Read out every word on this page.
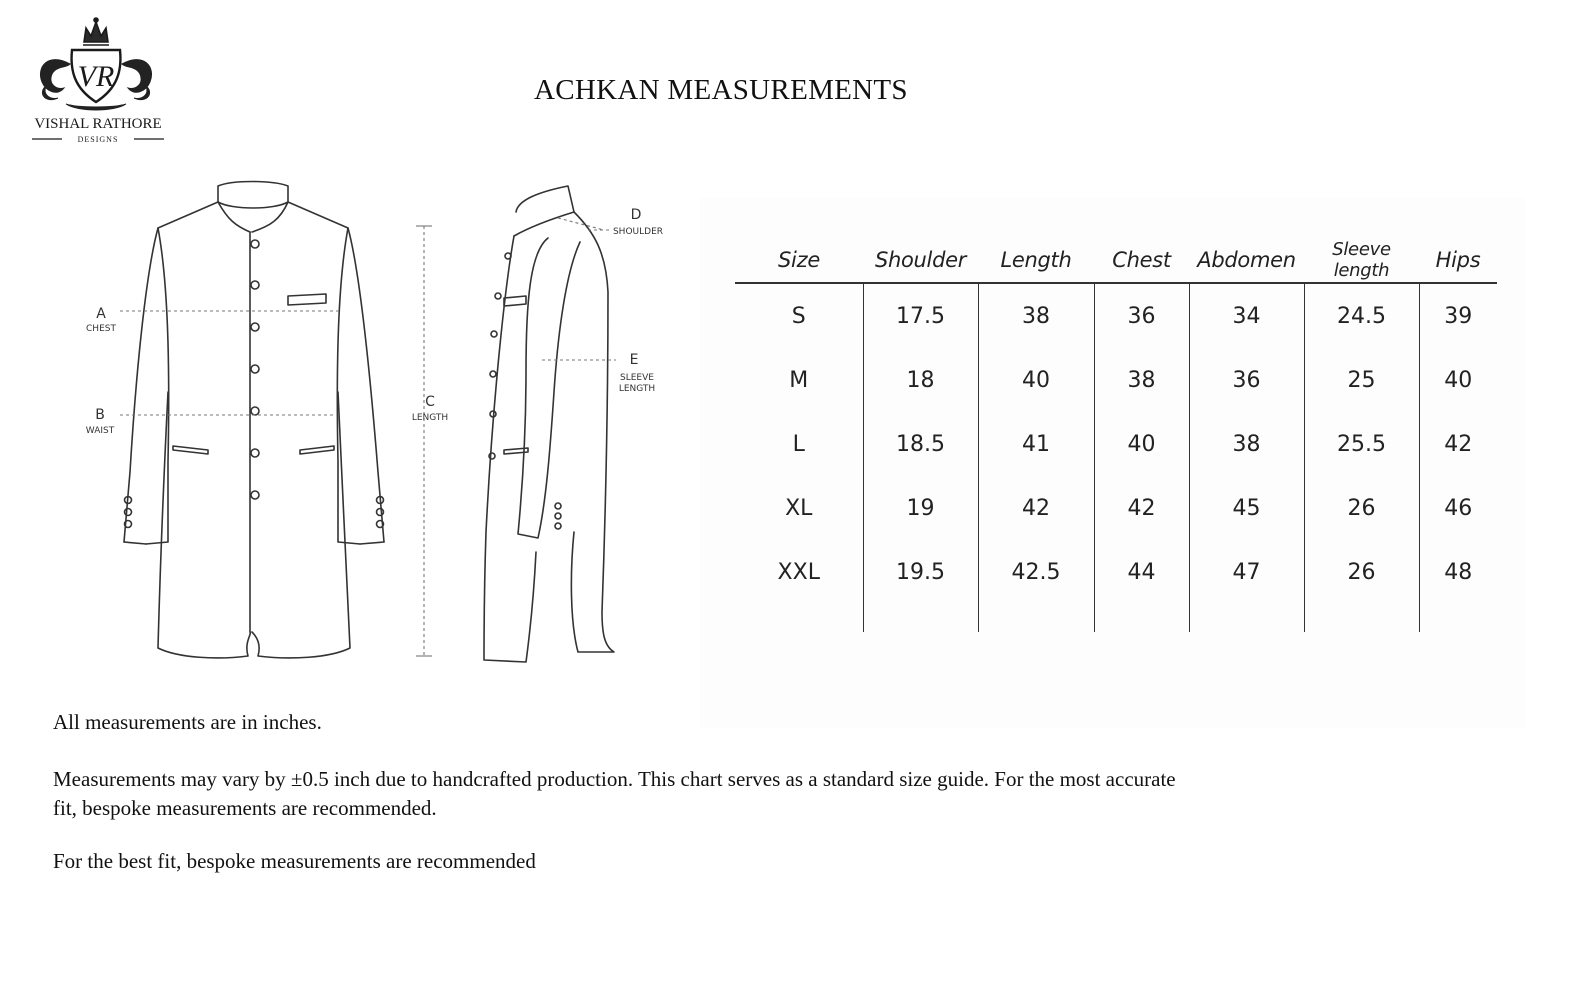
VR
VISHAL RATHORE
DESIGNS
ACHKAN MEASUREMENTS
A
CHEST
B
WAIST
C
LENGTH
D
SHOULDER
E
SLEEVE
LENGTH
Size	Shoulder	Length	Chest	Abdomen	Sleeve length	Hips
S	17.5	38	36	34	24.5	39
M	18	40	38	36	25	40
L	18.5	41	40	38	25.5	42
XL	19	42	42	45	26	46
XXL	19.5	42.5	44	47	26	48

All measurements are in inches.

Measurements may vary by ±0.5 inch due to handcrafted production. This chart serves as a standard size guide. For the most accurate fit, bespoke measurements are recommended.

For the best fit, bespoke measurements are recommended
